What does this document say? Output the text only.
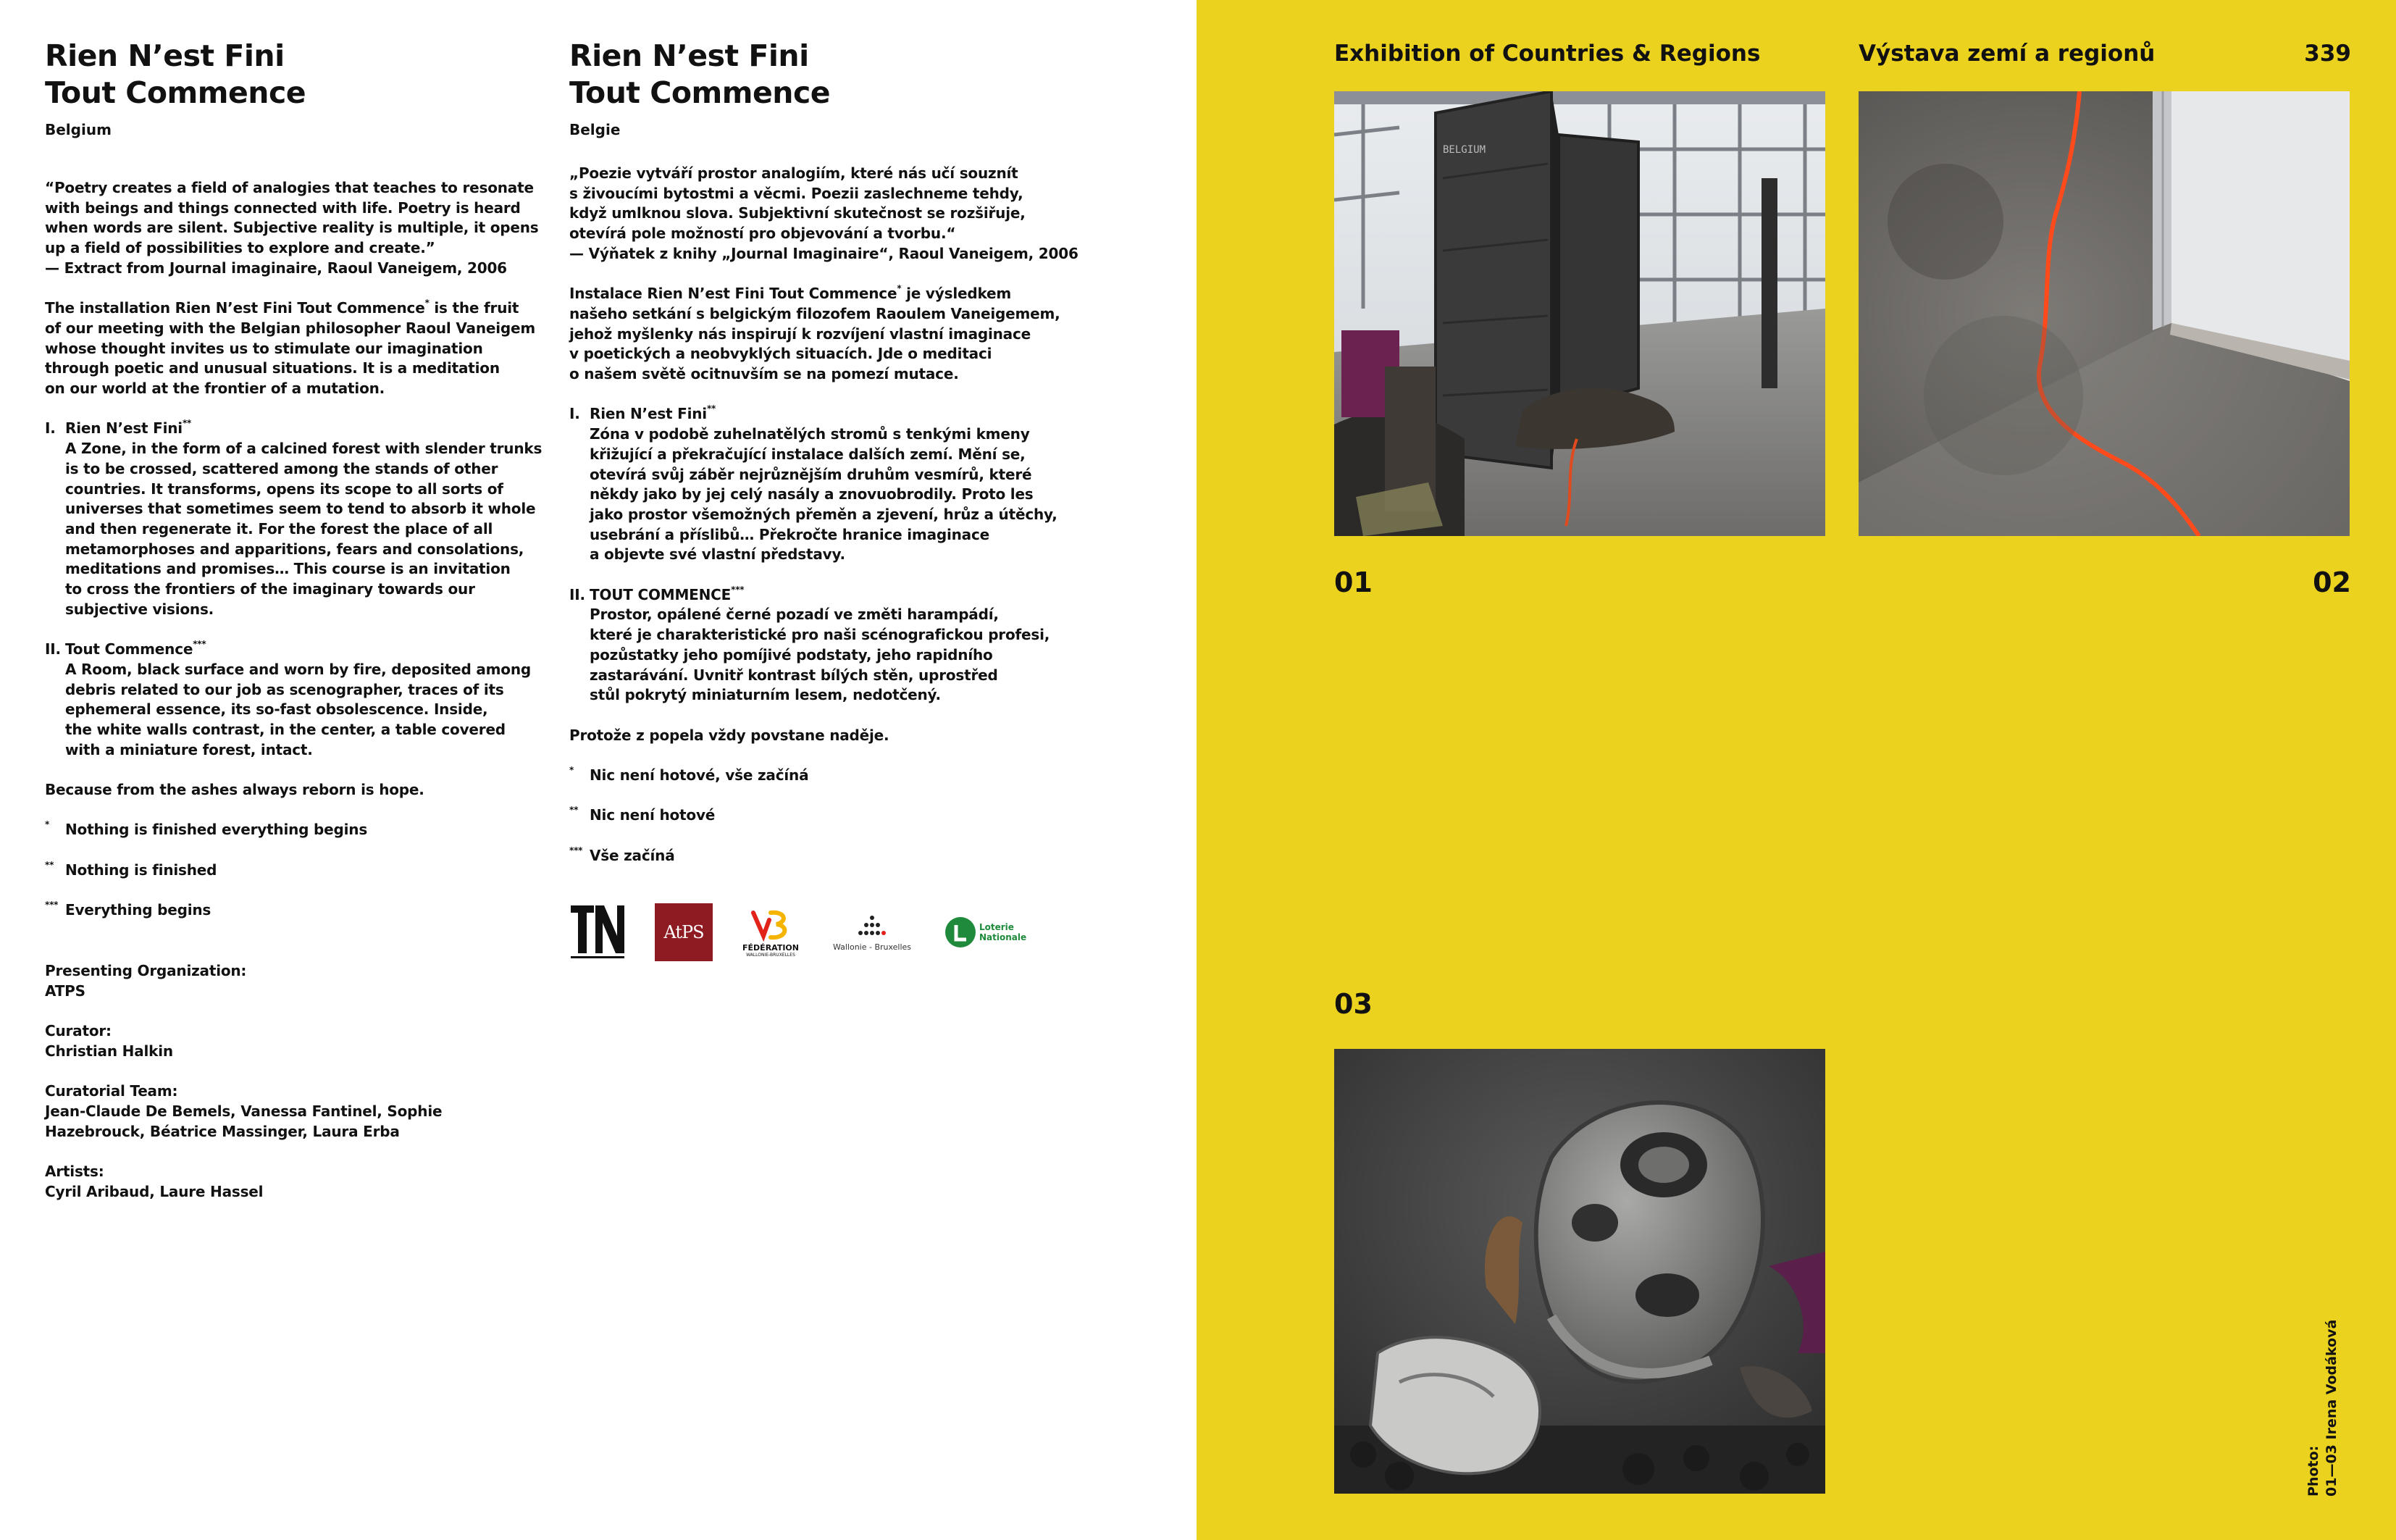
Rien N’est Fini
Tout Commence
Belgium

“Poetry creates a field of analogies that teaches to resonate
with beings and things connected with life. Poetry is heard
when words are silent. Subjective reality is multiple, it opens
up a field of possibilities to explore and create.”
— Extract from Journal imaginaire, Raoul Vaneigem, 2006

The installation Rien N’est Fini Tout Commence* is the fruit
of our meeting with the Belgian philosopher Raoul Vaneigem
whose thought invites us to stimulate our imagination
through poetic and unusual situations. It is a meditation
on our world at the frontier of a mutation.

I. Rien N’est Fini**
A Zone, in the form of a calcined forest with slender trunks
is to be crossed, scattered among the stands of other
countries. It transforms, opens its scope to all sorts of
universes that sometimes seem to tend to absorb it whole
and then regenerate it. For the forest the place of all
metamorphoses and apparitions, fears and consolations,
meditations and promises… This course is an invitation
to cross the frontiers of the imaginary towards our
subjective visions.
II. Tout Commence***
A Room, black surface and worn by fire, deposited among
debris related to our job as scenographer, traces of its
ephemeral essence, its so-fast obsolescence. Inside,
the white walls contrast, in the center, a table covered
with a miniature forest, intact.

Because from the ashes always reborn is hope.

* Nothing is finished everything begins

** Nothing is finished

*** Everything begins

Presenting Organization:
ATPS
Curator:
Christian Halkin
Curatorial Team:
Jean-Claude De Bemels, Vanessa Fantinel, Sophie
Hazebrouck, Béatrice Massinger, Laura Erba
Artists:
Cyril Aribaud, Laure Hassel
Rien N’est Fini
Tout Commence
Belgie

„Poezie vytváří prostor analogiím, které nás učí souznít
s živoucími bytostmi a věcmi. Poezii zaslechneme tehdy,
když umlknou slova. Subjektivní skutečnost se rozšiřuje,
otevírá pole možností pro objevování a tvorbu.“
— Výňatek z knihy „Journal Imaginaire“, Raoul Vaneigem, 2006

Instalace Rien N’est Fini Tout Commence* je výsledkem
našeho setkání s belgickým filozofem Raoulem Vaneigemem,
jehož myšlenky nás inspirují k rozvíjení vlastní imaginace
v poetických a neobvyklých situacích. Jde o meditaci
o našem světě ocitnuvším se na pomezí mutace.

I. Rien N’est Fini**
Zóna v podobě zuhelnatělých stromů s tenkými kmeny
křižující a překračující instalace dalších zemí. Mění se,
otevírá svůj záběr nejrůznějším druhům vesmírů, které
někdy jako by jej celý nasály a znovuobrodily. Proto les
jako prostor všemožných přeměn a zjevení, hrůz a útěchy,
usebrání a příslibů… Překročte hranice imaginace
a objevte své vlastní představy.
II. TOUT COMMENCE***
Prostor, opálené černé pozadí ve změti harampádí,
které je charakteristické pro naši scénografickou profesi,
pozůstatky jeho pomíjivé podstaty, jeho rapidního
zastarávání. Uvnitř kontrast bílých stěn, uprostřed
stůl pokrytý miniaturním lesem, nedotčený.

Protože z popela vždy povstane naděje.

* Nic není hotové, vše začíná

** Nic není hotové

*** Vše začíná

AtPS
FÉDÉRATION
WALLONIE-BRUXELLES
Wallonie - Bruxelles
Loterie
Nationale
Exhibition of Countries & Regions	Výstava zemí a regionů	339
BELGIUM
01	02
03
Photo: 01—03 Irena Vodáková
